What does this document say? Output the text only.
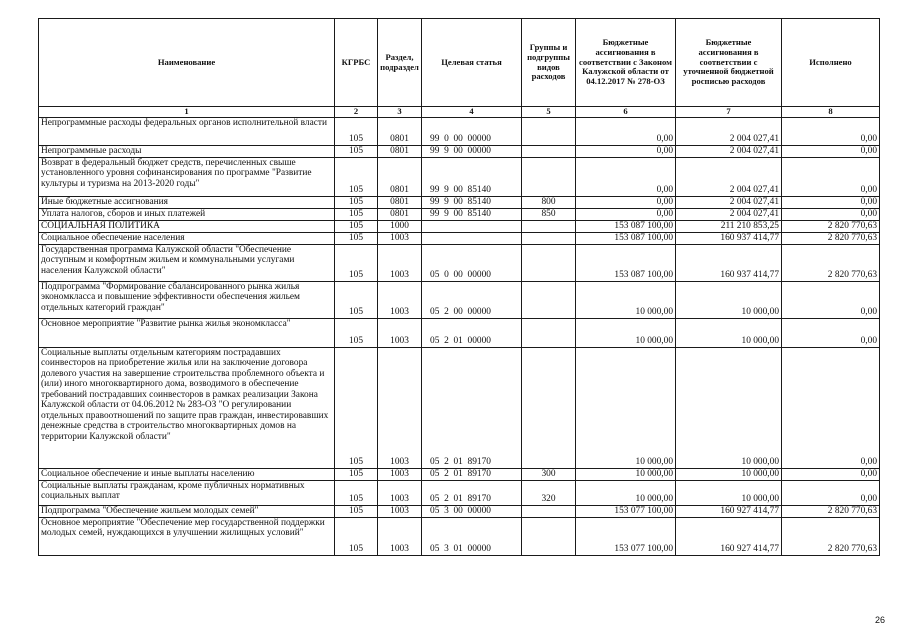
Наименование	КГРБС	Раздел, подраздел	Целевая статья	Группы и подгруппы видов расходов	Бюджетные ассигнования в соответствии с Законом Калужской области от 04.12.2017 № 278-ОЗ	Бюджетные ассигнования в соответствии с уточненной бюджетной росписью расходов	Исполнено
1	2	3	4	5	6	7	8
Непрограммные расходы федеральных органов исполнительной власти	105	0801	99  0  00  00000		0,00	2 004 027,41	0,00
Непрограммные расходы	105	0801	99  9  00  00000		0,00	2 004 027,41	0,00
Возврат в федеральный бюджет средств, перечисленных свыше установленного уровня софинансирования по программе "Развитие культуры и туризма на 2013-2020 годы"	105	0801	99  9  00  85140		0,00	2 004 027,41	0,00
Иные бюджетные ассигнования	105	0801	99  9  00  85140	800	0,00	2 004 027,41	0,00
Уплата налогов, сборов и иных платежей	105	0801	99  9  00  85140	850	0,00	2 004 027,41	0,00
СОЦИАЛЬНАЯ ПОЛИТИКА	105	1000			153 087 100,00	211 210 853,25	2 820 770,63
Социальное обеспечение населения	105	1003			153 087 100,00	160 937 414,77	2 820 770,63
Государственная программа Калужской области "Обеспечение доступным и комфортным жильем и коммунальными услугами населения Калужской области"	105	1003	05  0  00  00000		153 087 100,00	160 937 414,77	2 820 770,63
Подпрограмма "Формирование сбалансированного рынка жилья экономкласса и повышение эффективности обеспечения жильем отдельных категорий граждан"	105	1003	05  2  00  00000		10 000,00	10 000,00	0,00
Основное мероприятие "Развитие рынка жилья экономкласса"	105	1003	05  2  01  00000		10 000,00	10 000,00	0,00
Социальные выплаты отдельным категориям пострадавших соинвесторов на приобретение жилья или на заключение договора долевого участия на завершение строительства проблемного объекта и (или) иного многоквартирного дома, возводимого в обеспечение требований пострадавших соинвесторов в рамках реализации Закона Калужской области от 04.06.2012 № 283-ОЗ "О регулировании отдельных правоотношений по защите прав граждан, инвестировавших денежные средства в строительство многоквартирных домов на территории Калужской области"	105	1003	05  2  01  89170		10 000,00	10 000,00	0,00
Социальное обеспечение и иные выплаты населению	105	1003	05  2  01  89170	300	10 000,00	10 000,00	0,00
Социальные выплаты гражданам, кроме публичных нормативных социальных выплат	105	1003	05  2  01  89170	320	10 000,00	10 000,00	0,00
Подпрограмма "Обеспечение жильем молодых семей"	105	1003	05  3  00  00000		153 077 100,00	160 927 414,77	2 820 770,63
Основное мероприятие "Обеспечение мер государственной поддержки молодых семей, нуждающихся в улучшении жилищных условий"	105	1003	05  3  01  00000		153 077 100,00	160 927 414,77	2 820 770,63
26
